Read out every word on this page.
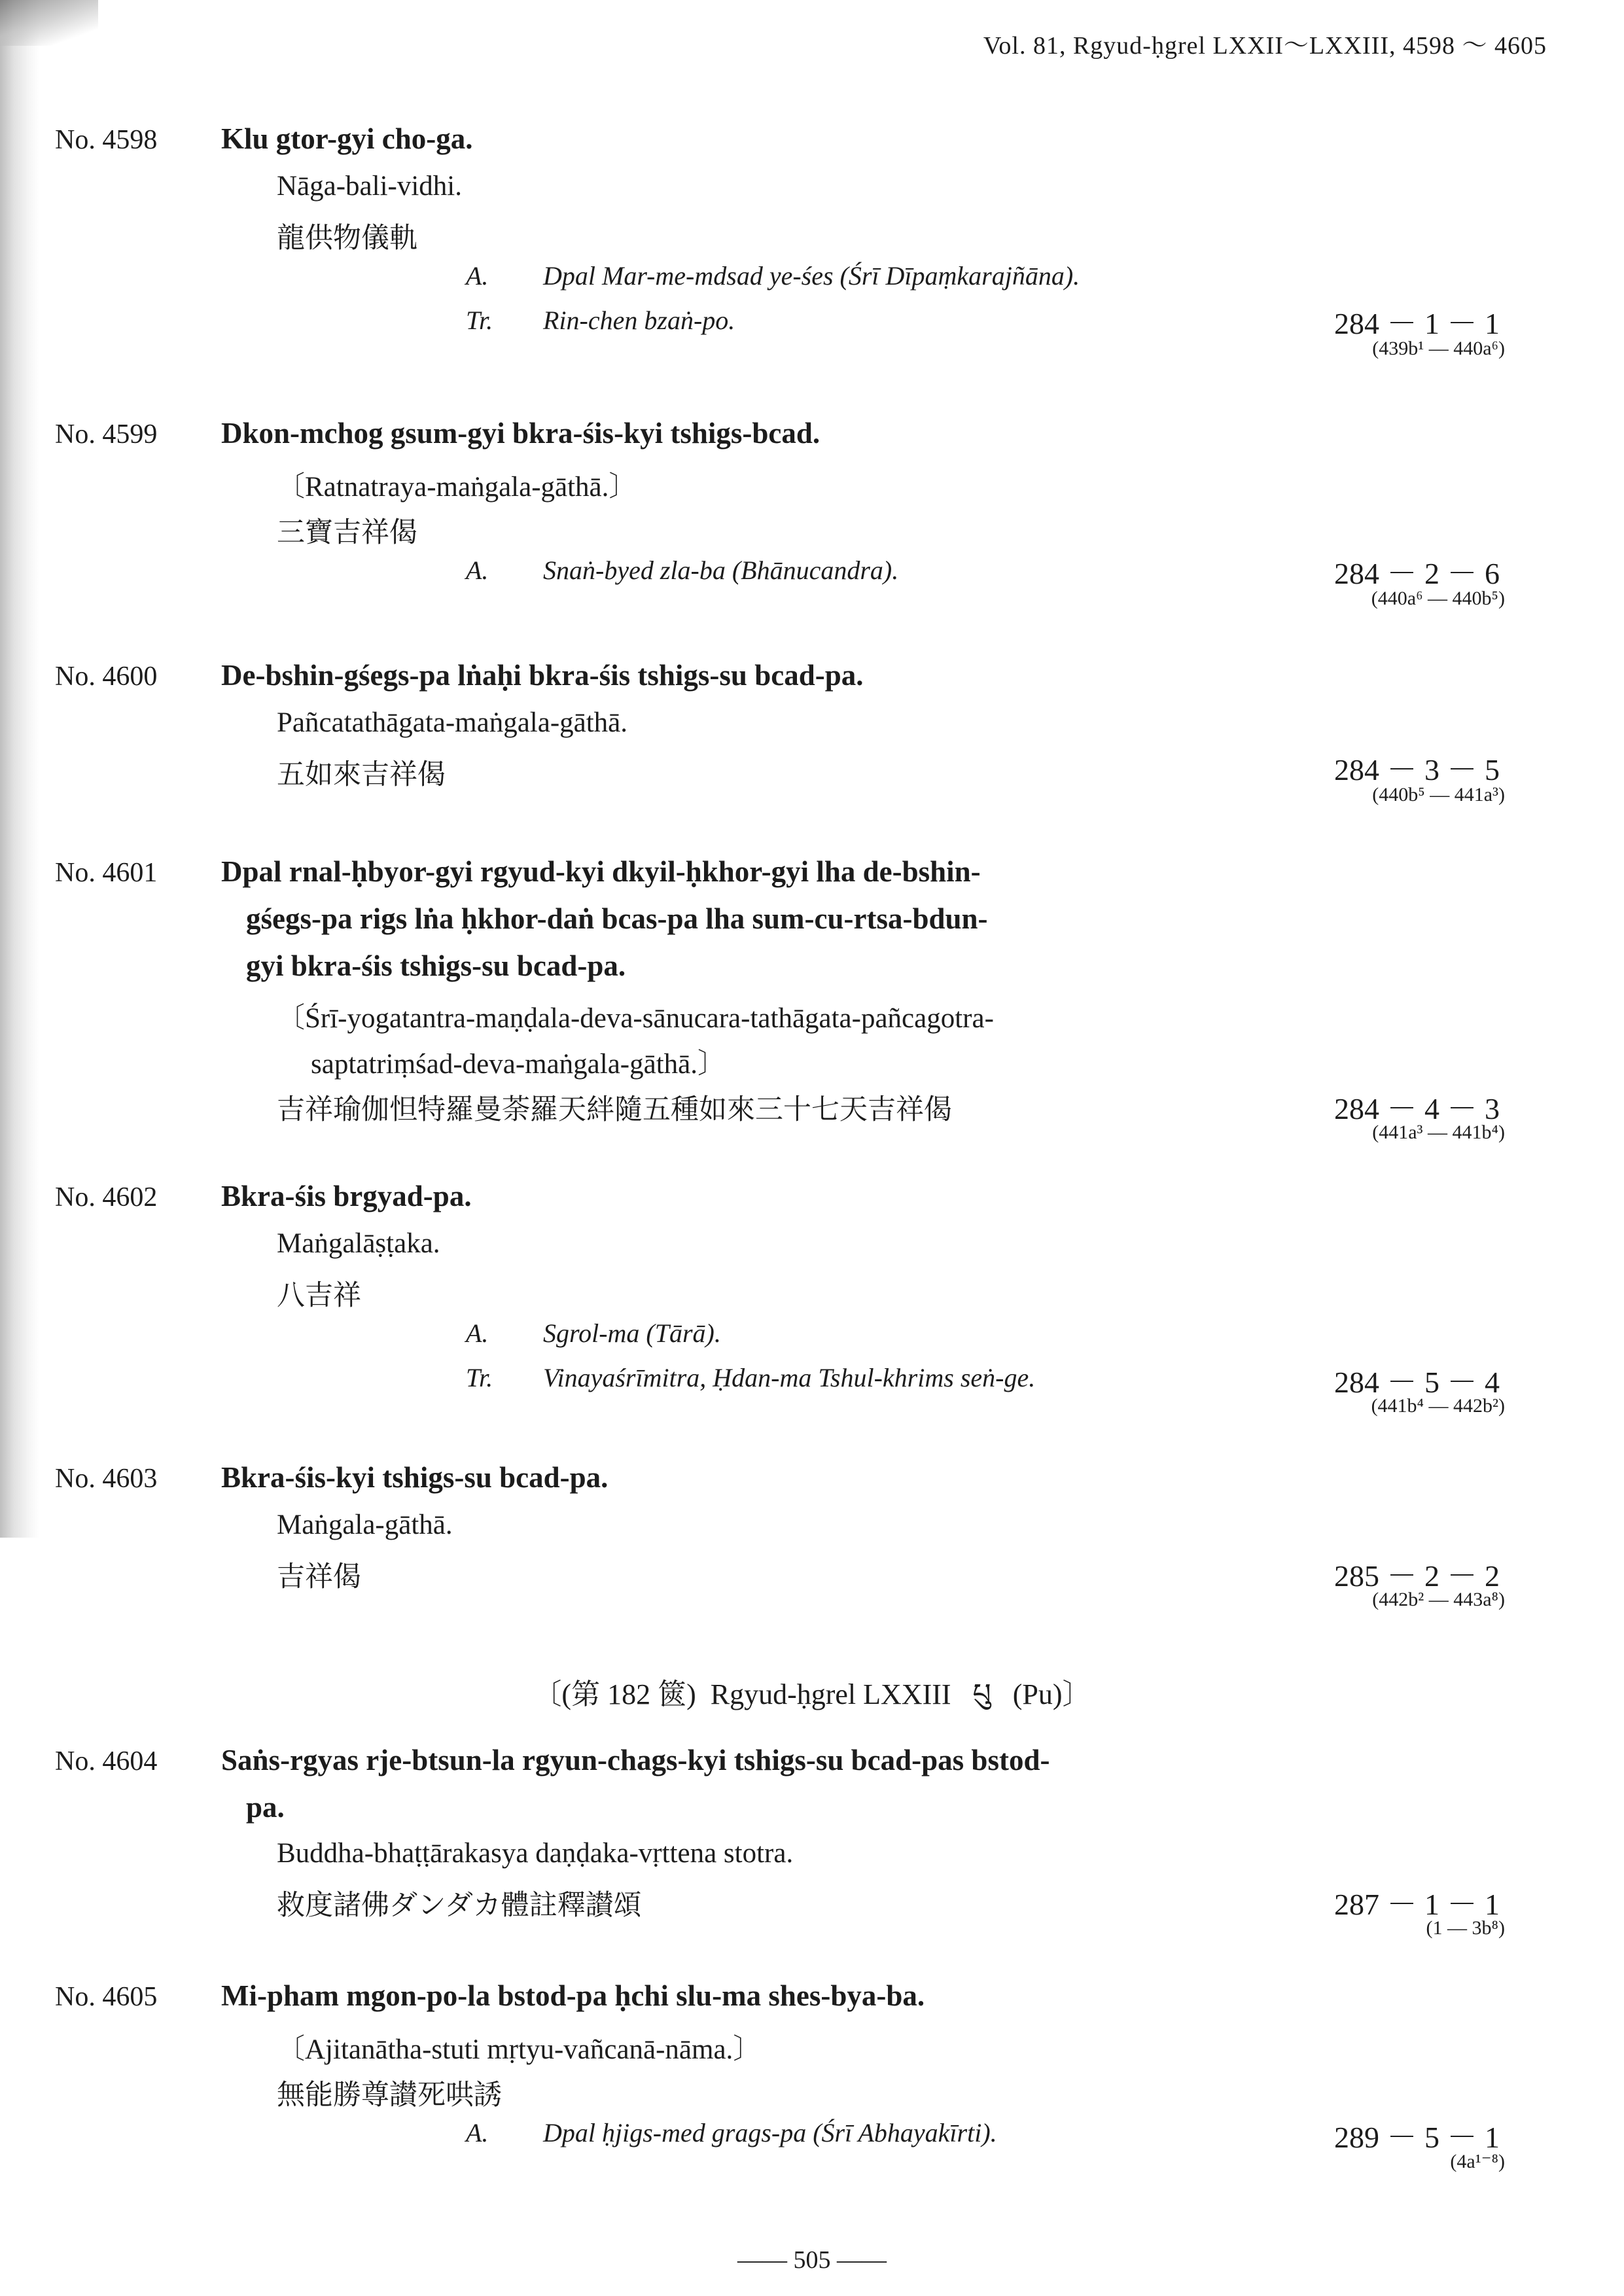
Vol. 81, Rgyud-ḥgrel LXXII～LXXIII, 4598 ～ 4605
No. 4598 Klu gtor-gyi cho-ga.
Nāga-bali-vidhi.
龍供物儀軌
A. Dpal Mar-me-mdsad ye-śes (Śrī Dīpaṃkarajñāna).
Tr. Rin-chen bzaṅ-po.	284 － 1 － 1
(439b¹ — 440a⁶)
No. 4599 Dkon-mchog gsum-gyi bkra-śis-kyi tshigs-bcad.
〔Ratnatraya-maṅgala-gāthā.〕
三寶吉祥偈
A. Snaṅ-byed zla-ba (Bhānucandra).	284 － 2 － 6
(440a⁶ — 440b⁵)
No. 4600 De-bshin-gśegs-pa lṅaḥi bkra-śis tshigs-su bcad-pa.
Pañcatathāgata-maṅgala-gāthā.
五如來吉祥偈	284 － 3 － 5
(440b⁵ — 441a³)
No. 4601 Dpal rnal-ḥbyor-gyi rgyud-kyi dkyil-ḥkhor-gyi lha de-bshin-
gśegs-pa rigs lṅa ḥkhor-daṅ bcas-pa lha sum-cu-rtsa-bdun-
gyi bkra-śis tshigs-su bcad-pa.
〔Śrī-yogatantra-maṇḍala-deva-sānucara-tathāgata-pañcagotra-
saptatriṃśad-deva-maṅgala-gāthā.〕
吉祥瑜伽怛特羅曼荼羅天絆隨五種如來三十七天吉祥偈	284 － 4 － 3
(441a³ — 441b⁴)
No. 4602 Bkra-śis brgyad-pa.
Maṅgalāṣṭaka.
八吉祥
A. Sgrol-ma (Tārā).
Tr. Vinayaśrīmitra, Ḥdan-ma Tshul-khrims seṅ-ge.	284 － 5 － 4
(441b⁴ — 442b²)
No. 4603 Bkra-śis-kyi tshigs-su bcad-pa.
Maṅgala-gāthā.
吉祥偈	285 － 2 － 2
(442b² — 443a⁸)
〔(第 182 篋) Rgyud-ḥgrel LXXIII པུ (Pu)〕
No. 4604 Saṅs-rgyas rje-btsun-la rgyun-chags-kyi tshigs-su bcad-pas bstod-
pa.
Buddha-bhaṭṭārakasya daṇḍaka-vṛttena stotra.
救度諸佛ダンダカ體註釋讃頌	287 － 1 － 1
(1 — 3b⁸)
No. 4605 Mi-pham mgon-po-la bstod-pa ḥchi slu-ma shes-bya-ba.
〔Ajitanātha-stuti mṛtyu-vañcanā-nāma.〕
無能勝尊讃死哄誘
A. Dpal ḥjigs-med grags-pa (Śrī Abhayakīrti).	289 － 5 － 1
(4a¹⁻⁸)
—— 505 ——
